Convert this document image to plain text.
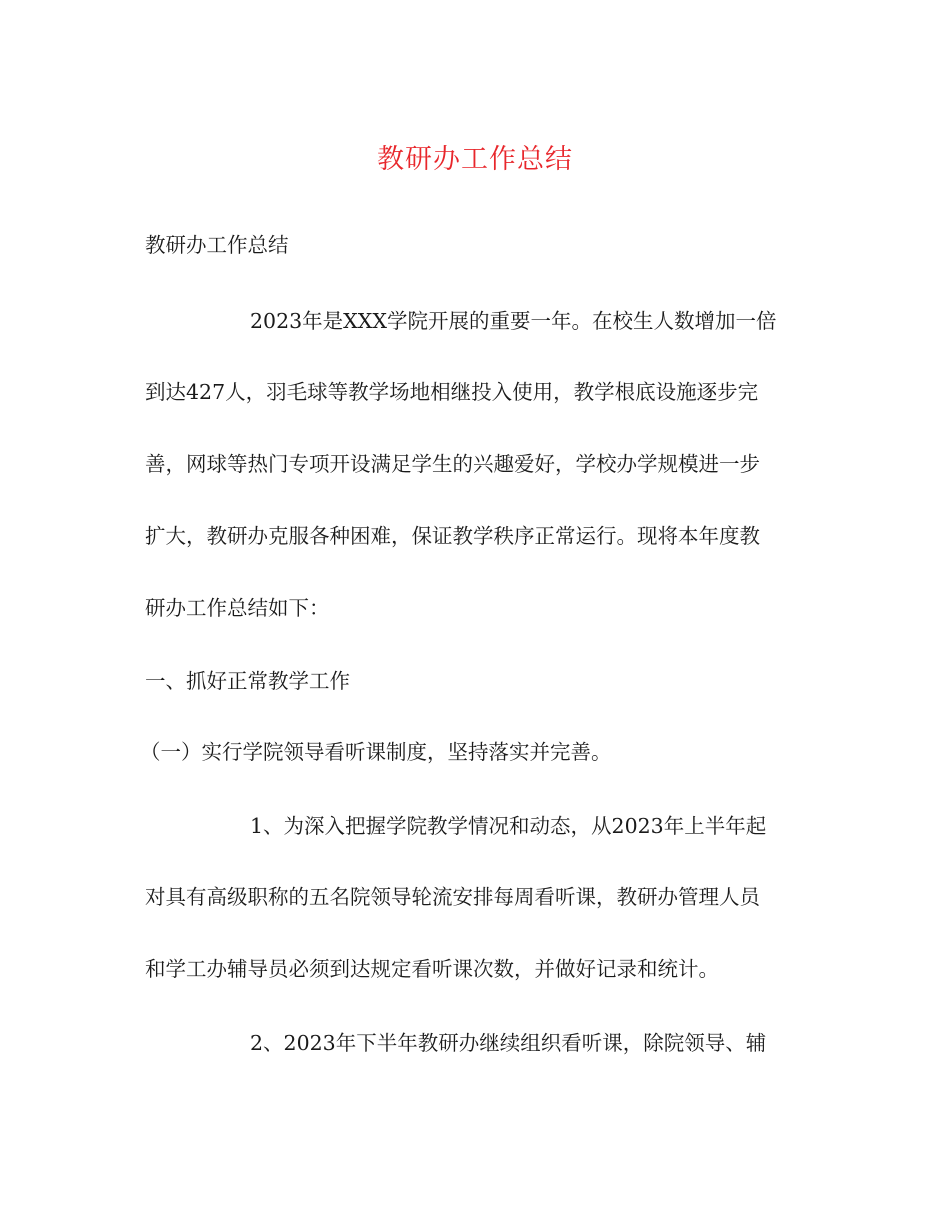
教研办工作总结
教研办工作总结
2023年是XXX学院开展的重要一年。在校生人数增加一倍
到达427人，羽毛球等教学场地相继投入使用，教学根底设施逐步完
善，网球等热门专项开设满足学生的兴趣爱好，学校办学规模进一步
扩大，教研办克服各种困难，保证教学秩序正常运行。现将本年度教
研办工作总结如下：
一、抓好正常教学工作
（一）实行学院领导看听课制度，坚持落实并完善。
1、为深入把握学院教学情况和动态，从2023年上半年起
对具有高级职称的五名院领导轮流安排每周看听课，教研办管理人员
和学工办辅导员必须到达规定看听课次数，并做好记录和统计。
2、2023年下半年教研办继续组织看听课，除院领导、辅
